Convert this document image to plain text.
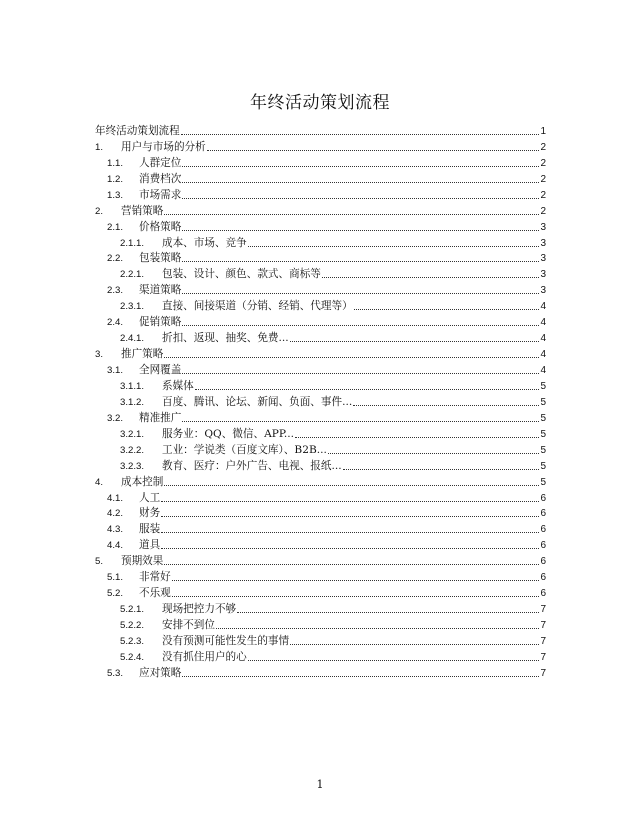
年终活动策划流程
年终活动策划流程	1
1.	用户与市场的分析	2
1.1.	人群定位	2
1.2.	消费档次	2
1.3.	市场需求	2
2.	营销策略	2
2.1.	价格策略	3
2.1.1.	成本、市场、竞争	3
2.2.	包装策略	3
2.2.1.	包装、设计、颜色、款式、商标等	3
2.3.	渠道策略	3
2.3.1.	直接、间接渠道（分销、经销、代理等）	4
2.4.	促销策略	4
2.4.1.	折扣、返现、抽奖、免费...	4
3.	推广策略	4
3.1.	全网覆盖	4
3.1.1.	系媒体	5
3.1.2.	百度、腾讯、论坛、新闻、负面、事件...	5
3.2.	精准推广	5
3.2.1.	服务业：QQ、微信、APP...	5
3.2.2.	工业：学说类（百度文库）、B2B...	5
3.2.3.	教育、医疗：户外广告、电视、报纸...	5
4.	成本控制	5
4.1.	人工	6
4.2.	财务	6
4.3.	服装	6
4.4.	道具	6
5.	预期效果	6
5.1.	非常好	6
5.2.	不乐观	6
5.2.1.	现场把控力不够	7
5.2.2.	安排不到位	7
5.2.3.	没有预测可能性发生的事情	7
5.2.4.	没有抓住用户的心	7
5.3.	应对策略	7
1
